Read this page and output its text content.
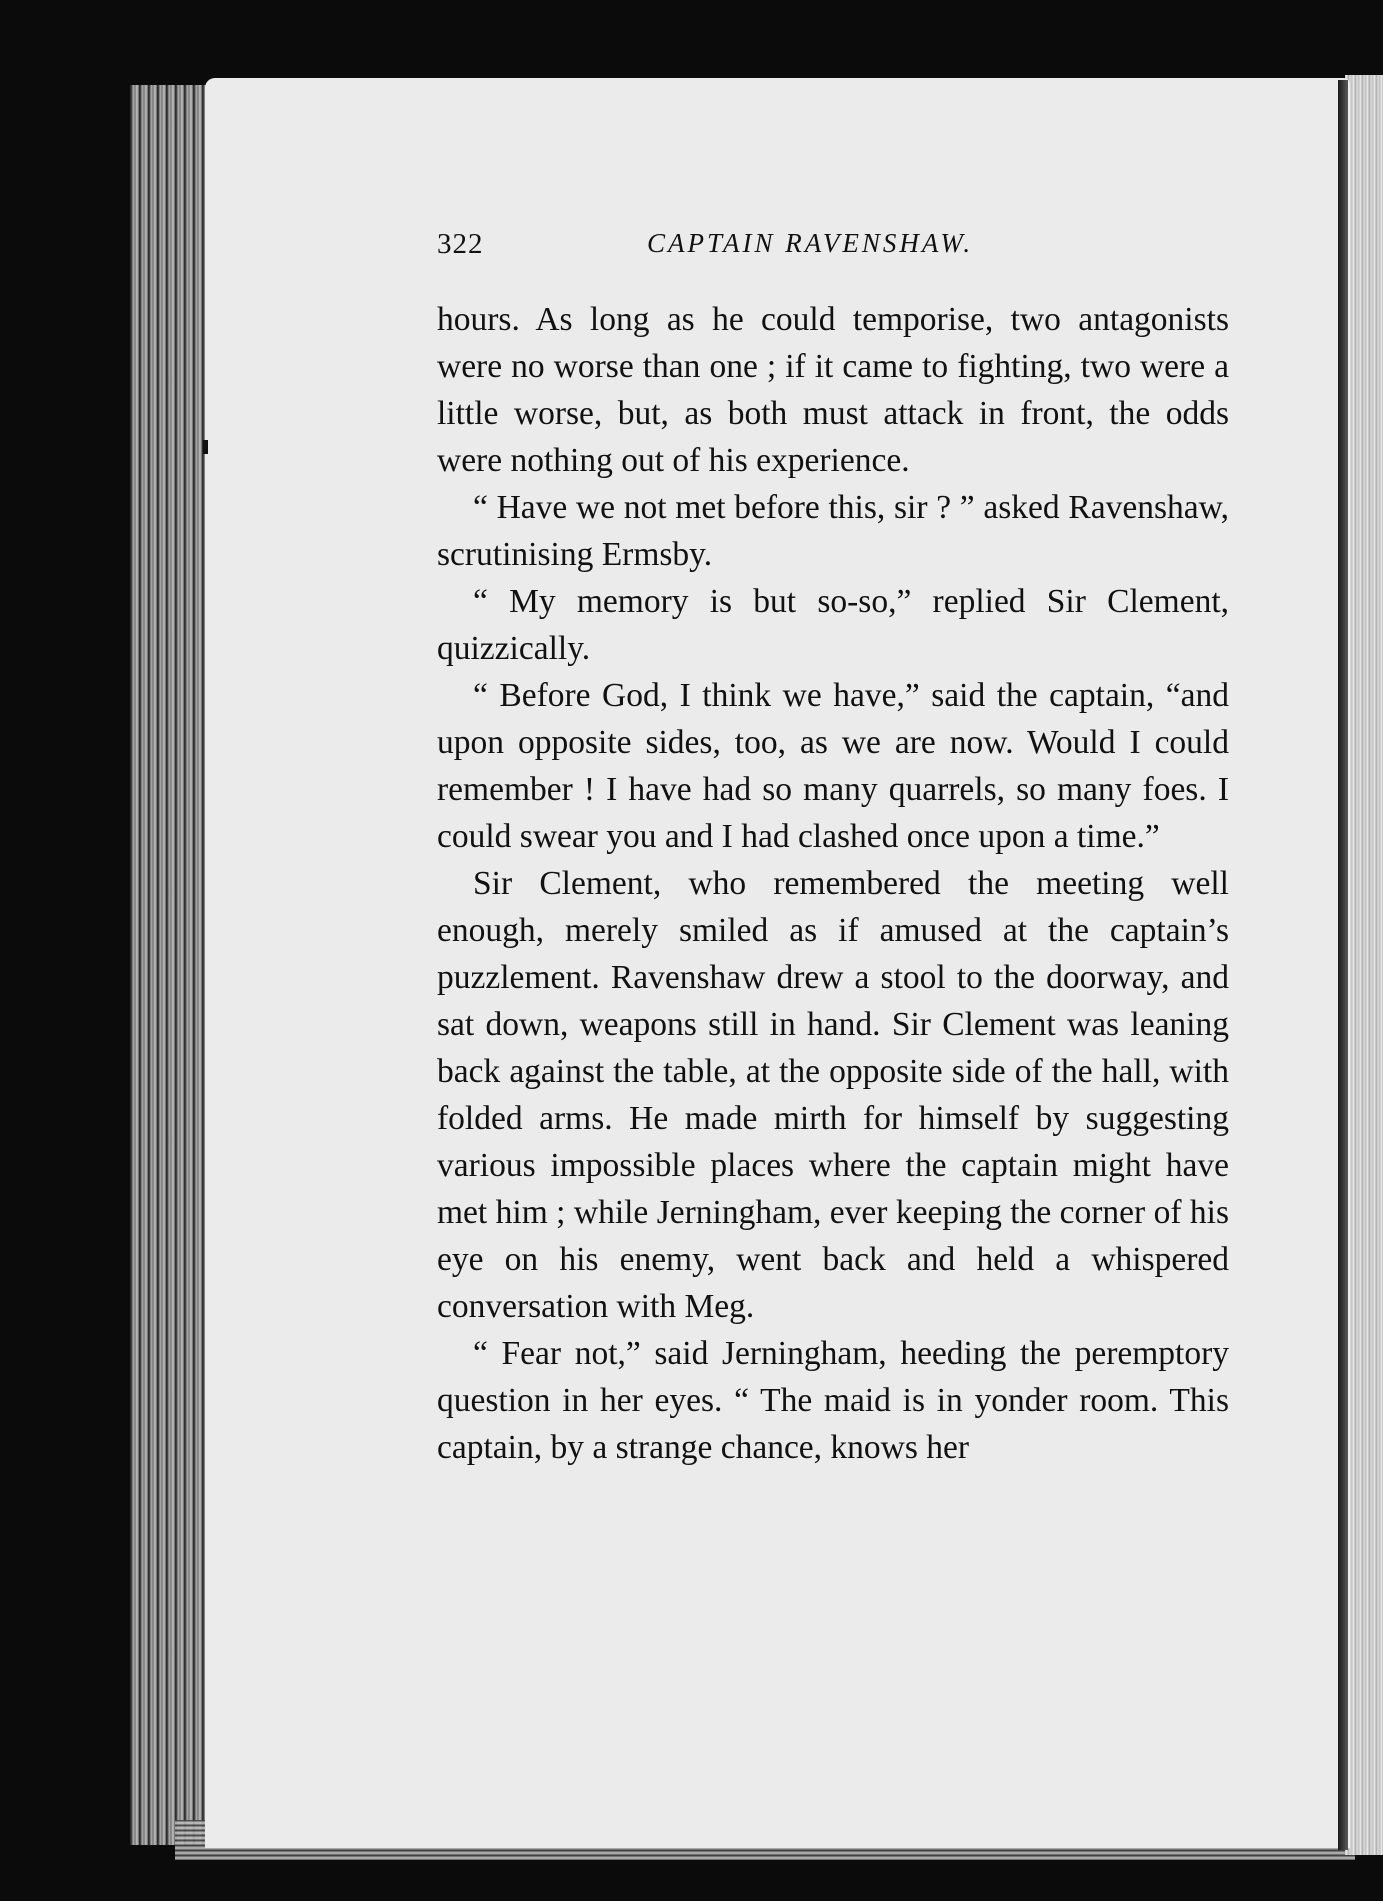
322	CAPTAIN RAVENSHAW.

hours. As long as he could temporise, two antagonists were no worse than one ; if it came to fighting, two were a little worse, but, as both must attack in front, the odds were nothing out of his experience.

“ Have we not met before this, sir ? ” asked Ravenshaw, scrutinising Ermsby.

“ My memory is but so-so,” replied Sir Clement, quizzically.

“ Before God, I think we have,” said the captain, “and upon opposite sides, too, as we are now. Would I could remember ! I have had so many quarrels, so many foes. I could swear you and I had clashed once upon a time.”

Sir Clement, who remembered the meeting well enough, merely smiled as if amused at the captain’s puzzlement. Ravenshaw drew a stool to the doorway, and sat down, weapons still in hand. Sir Clement was leaning back against the table, at the opposite side of the hall, with folded arms. He made mirth for himself by suggesting various impossible places where the captain might have met him ; while Jerningham, ever keeping the corner of his eye on his enemy, went back and held a whispered conversation with Meg.

“ Fear not,” said Jerningham, heeding the peremptory question in her eyes. “ The maid is in yonder room. This captain, by a strange chance, knows her
